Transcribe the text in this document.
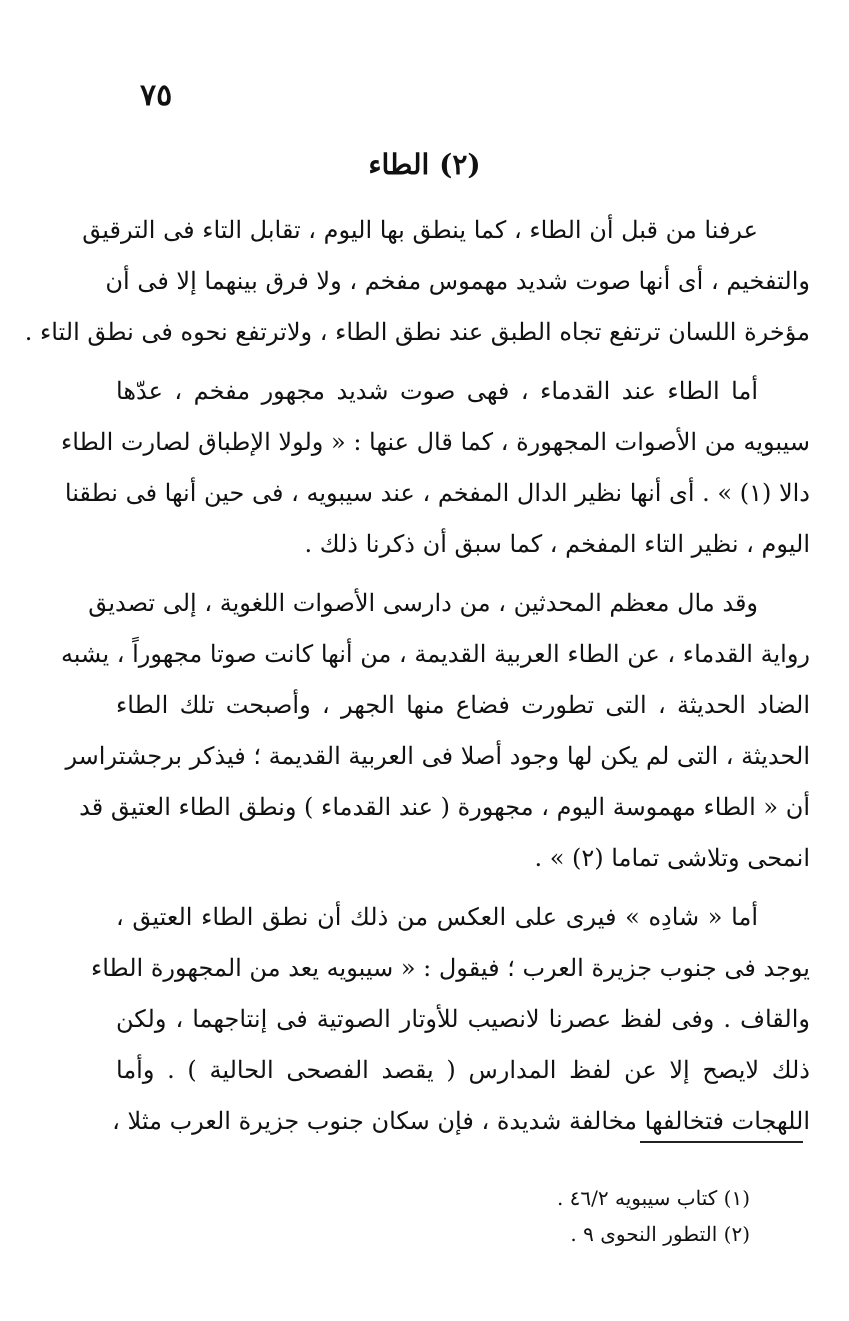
٧٥
(٢) الطاء
عرفنا من قبل أن الطاء ، كما ينطق بها اليوم ، تقابل التاء فى الترقيق
والتفخيم ، أى أنها صوت شديد مهموس مفخم ، ولا فرق بينهما إلا فى أن
مؤخرة اللسان ترتفع تجاه الطبق عند نطق الطاء ، ولاترتفع نحوه فى نطق التاء .
أما الطاء عند القدماء ، فهى صوت شديد مجهور مفخم ، عدّها
سيبويه من الأصوات المجهورة ، كما قال عنها : « ولولا الإطباق لصارت الطاء
دالا (١) » . أى أنها نظير الدال المفخم ، عند سيبويه ، فى حين أنها فى نطقنا
اليوم ، نظير التاء المفخم ، كما سبق أن ذكرنا ذلك .
وقد مال معظم المحدثين ، من دارسى الأصوات اللغوية ، إلى تصديق
رواية القدماء ، عن الطاء العربية القديمة ، من أنها كانت صوتا مجهوراً ، يشبه
الضاد الحديثة ، التى تطورت فضاع منها الجهر ، وأصبحت تلك الطاء
الحديثة ، التى لم يكن لها وجود أصلا فى العربية القديمة ؛ فيذكر برجشتراسر
أن « الطاء مهموسة اليوم ، مجهورة ( عند القدماء ) ونطق الطاء العتيق قد
انمحى وتلاشى تماما (٢) » .
أما « شادِه » فيرى على العكس من ذلك أن نطق الطاء العتيق ،
يوجد فى جنوب جزيرة العرب ؛ فيقول : « سيبويه يعد من المجهورة الطاء
والقاف . وفى لفظ عصرنا لانصيب للأوتار الصوتية فى إنتاجهما ، ولكن
ذلك لايصح إلا عن لفظ المدارس ( يقصد الفصحى الحالية ) . وأما
اللهجات فتخالفها مخالفة شديدة ، فإن سكان جنوب جزيرة العرب مثلا ،
(١) كتاب سيبويه ٤٦/٢ .
(٢) التطور النحوى ٩ .
